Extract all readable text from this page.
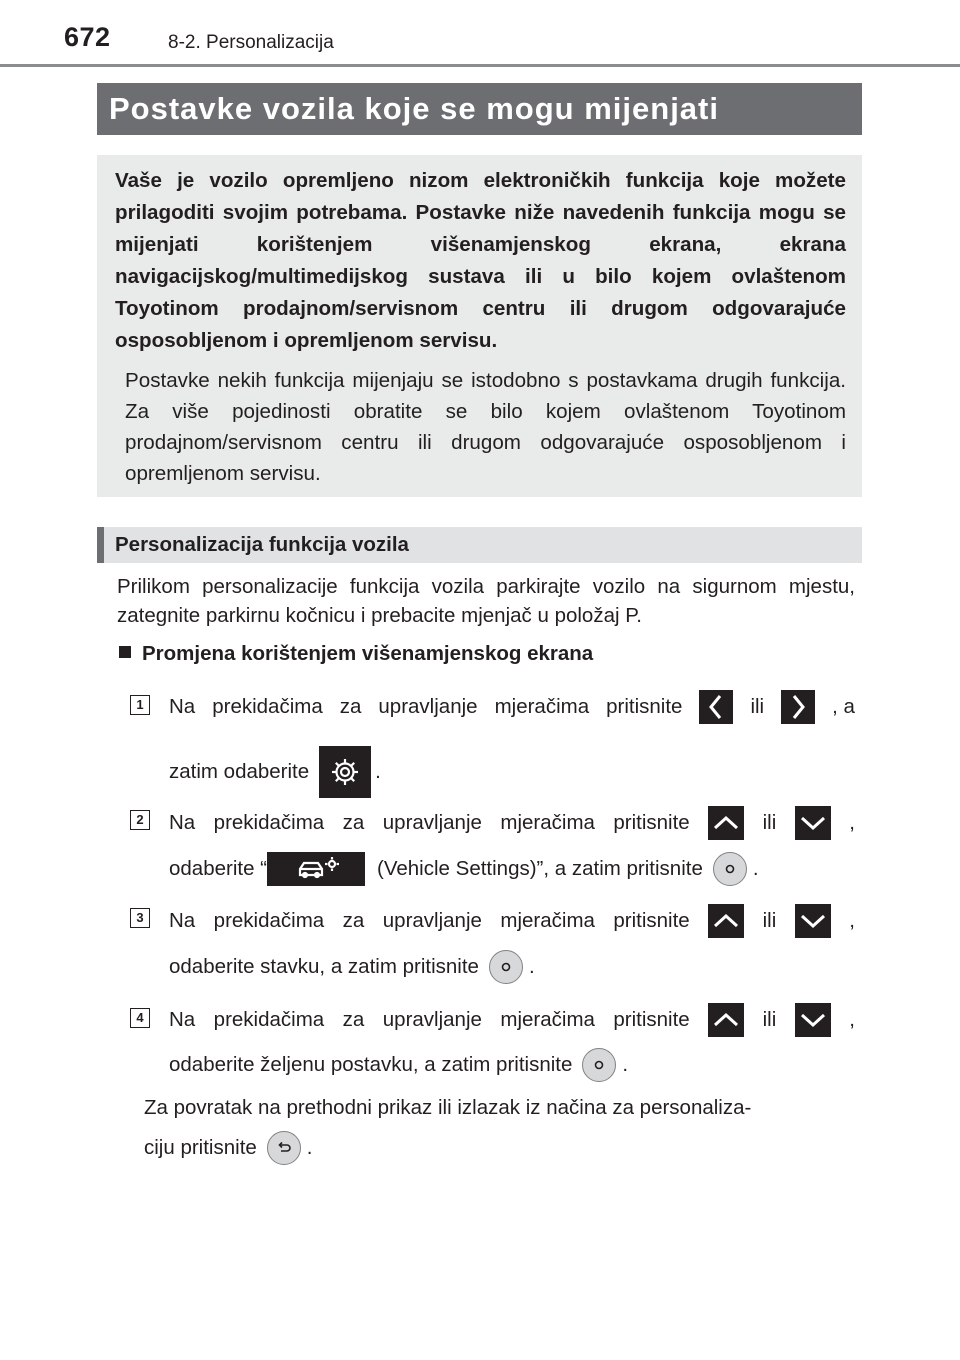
672	8-2. Personalizacija
Postavke vozila koje se mogu mijenjati

Vaše je vozilo opremljeno nizom elektroničkih funkcija koje možete prilagoditi svojim potrebama. Postavke niže navedenih funkcija mogu se mijenjati korištenjem višenamjenskog ekrana, ekrana navigacijskog/multimedijskog sustava ili u bilo kojem ovlaštenom Toyotinom prodajnom/servisnom centru ili drugom odgovarajuće osposobljenom i opremljenom servisu.

Postavke nekih funkcija mijenjaju se istodobno s postavkama drugih funkcija. Za više pojedinosti obratite se bilo kojem ovlaštenom Toyotinom prodajnom/servisnom centru ili drugom odgovarajuće osposobljenom i opremljenom servisu.

Personalizacija funkcija vozila

Prilikom personalizacije funkcija vozila parkirajte vozilo na sigurnom mjestu, zategnite parkirnu kočnicu i prebacite mjenjač u položaj P.

Promjena korištenjem višenamjenskog ekrana
1	Na prekidačima za upravljanje mjeračima pritisnite	ili	, a
zatim odaberite	.
2	Na prekidačima za upravljanje mjeračima pritisnite	ili	,
odaberite “	(Vehicle Settings)”, a zatim pritisnite .
3	Na prekidačima za upravljanje mjeračima pritisnite	ili	,
odaberite stavku, a zatim pritisnite .
4	Na prekidačima za upravljanje mjeračima pritisnite	ili	,
odaberite željenu postavku, a zatim pritisnite .
Za povratak na prethodni prikaz ili izlazak iz načina za personaliza-
ciju pritisnite .
